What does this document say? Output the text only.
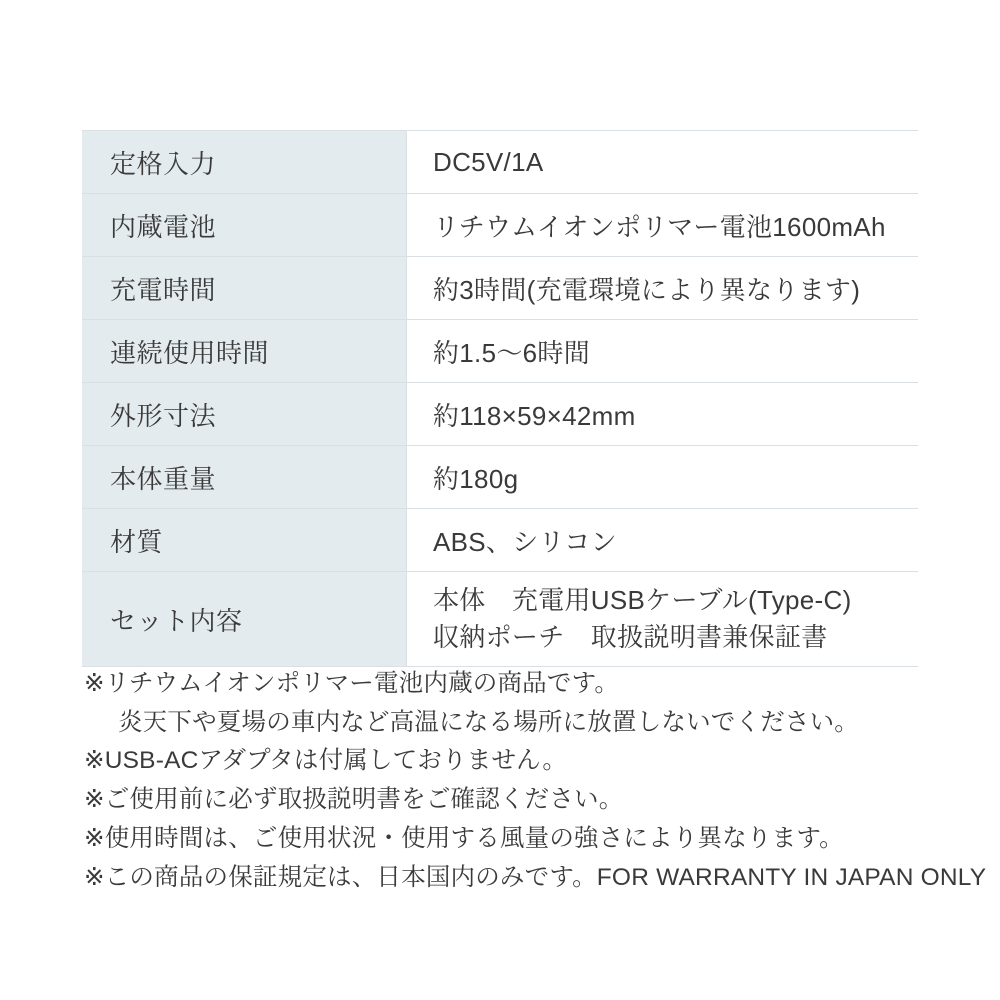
定格入力	DC5V/1A
内蔵電池	リチウムイオンポリマー電池1600mAh
充電時間	約3時間(充電環境により異なります)
連続使用時間	約1.5〜6時間
外形寸法	約118×59×42mm
本体重量	約180g
材質	ABS、シリコン
セット内容	本体　充電用USBケーブル(Type-C)
収納ポーチ　取扱説明書兼保証書

※リチウムイオンポリマー電池内蔵の商品です。

炎天下や夏場の車内など高温になる場所に放置しないでください。

※USB-ACアダプタは付属しておりません。

※ご使用前に必ず取扱説明書をご確認ください。

※使用時間は、ご使用状況・使用する風量の強さにより異なります。

※この商品の保証規定は、日本国内のみです。FOR WARRANTY IN JAPAN ONLY
